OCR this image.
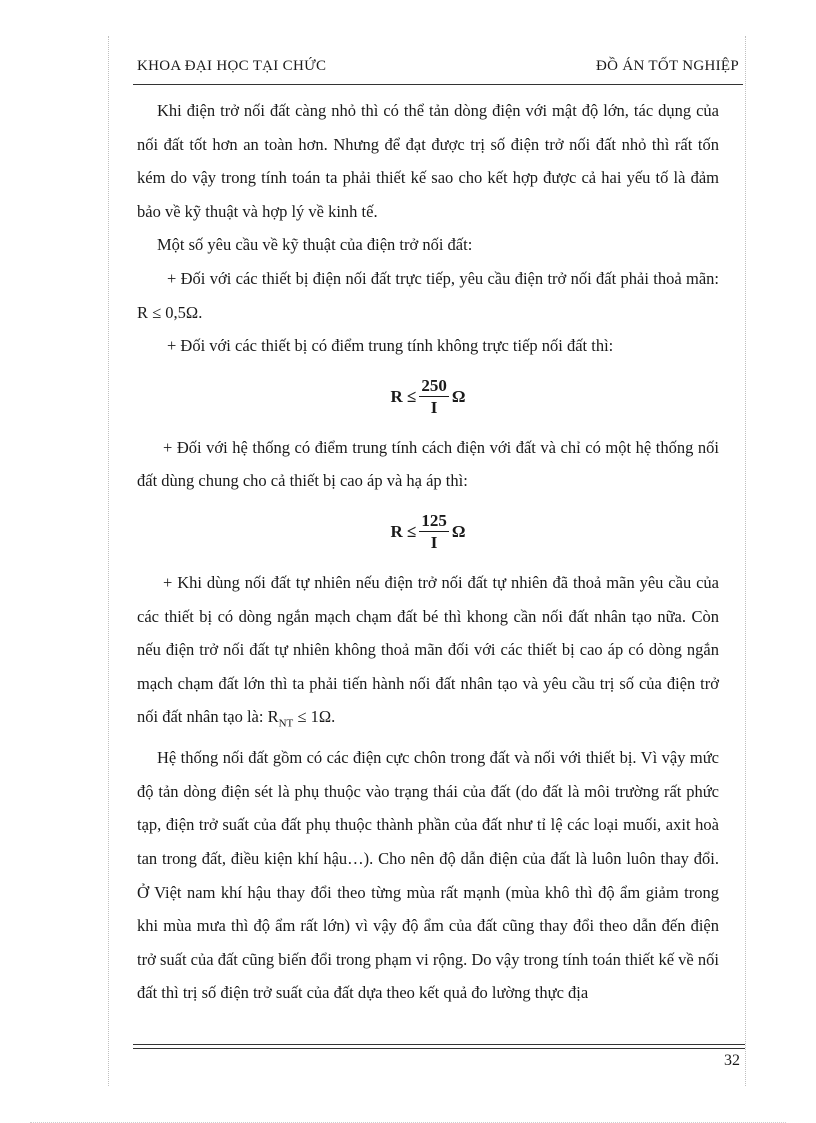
KHOA ĐẠI HỌC TẠI CHỨC	ĐỒ ÁN TỐT NGHIỆP

Khi điện trở nối đất càng nhỏ thì có thể tản dòng điện với mật độ lớn, tác dụng của nối đất tốt hơn an toàn hơn. Nhưng để đạt được trị số điện trở nối đất nhỏ thì rất tốn kém do vậy trong tính toán ta phải thiết kế sao cho kết hợp được cả hai yếu tố là đảm bảo về kỹ thuật và hợp lý về kinh tế.

Một số yêu cầu về kỹ thuật của điện trở nối đất:

+ Đối với các thiết bị điện nối đất trực tiếp, yêu cầu điện trở nối đất phải thoả mãn: R ≤ 0,5Ω.

+ Đối với các thiết bị có điểm trung tính không trực tiếp nối đất thì:

$R \le \frac{250}{I}$ Ω

+ Đối với hệ thống có điểm trung tính cách điện với đất và chỉ có một hệ thống nối đất dùng chung cho cả thiết bị cao áp và hạ áp thì:

$R \le \frac{125}{I}$ Ω

+ Khi dùng nối đất tự nhiên nếu điện trở nối đất tự nhiên đã thoả mãn yêu cầu của các thiết bị có dòng ngắn mạch chạm đất bé thì khong cần nối đất nhân tạo nữa. Còn nếu điện trở nối đất tự nhiên không thoả mãn đối với các thiết bị cao áp có dòng ngắn mạch chạm đất lớn thì ta phải tiến hành nối đất nhân tạo và yêu cầu trị số của điện trở nối đất nhân tạo là: $R_{NT} \le 1\Omega$.

Hệ thống nối đất gồm có các điện cực chôn trong đất và nối với thiết bị. Vì vậy mức độ tản dòng điện sét là phụ thuộc vào trạng thái của đất (do đất là môi trường rất phức tạp, điện trở suất của đất phụ thuộc thành phần của đất như tỉ lệ các loại muối, axit hoà tan trong đất, điều kiện khí hậu…). Cho nên độ dẫn điện của đất là luôn luôn thay đổi. Ở Việt nam khí hậu thay đổi theo từng mùa rất mạnh (mùa khô thì độ ẩm giảm trong khi mùa mưa thì độ ẩm rất lớn) vì vậy độ ẩm của đất cũng thay đổi theo dẫn đến điện trở suất của đất cũng biến đổi trong phạm vi rộng. Do vậy trong tính toán thiết kế về nối đất thì trị số điện trở suất của đất dựa theo kết quả đo lường thực địa

32
